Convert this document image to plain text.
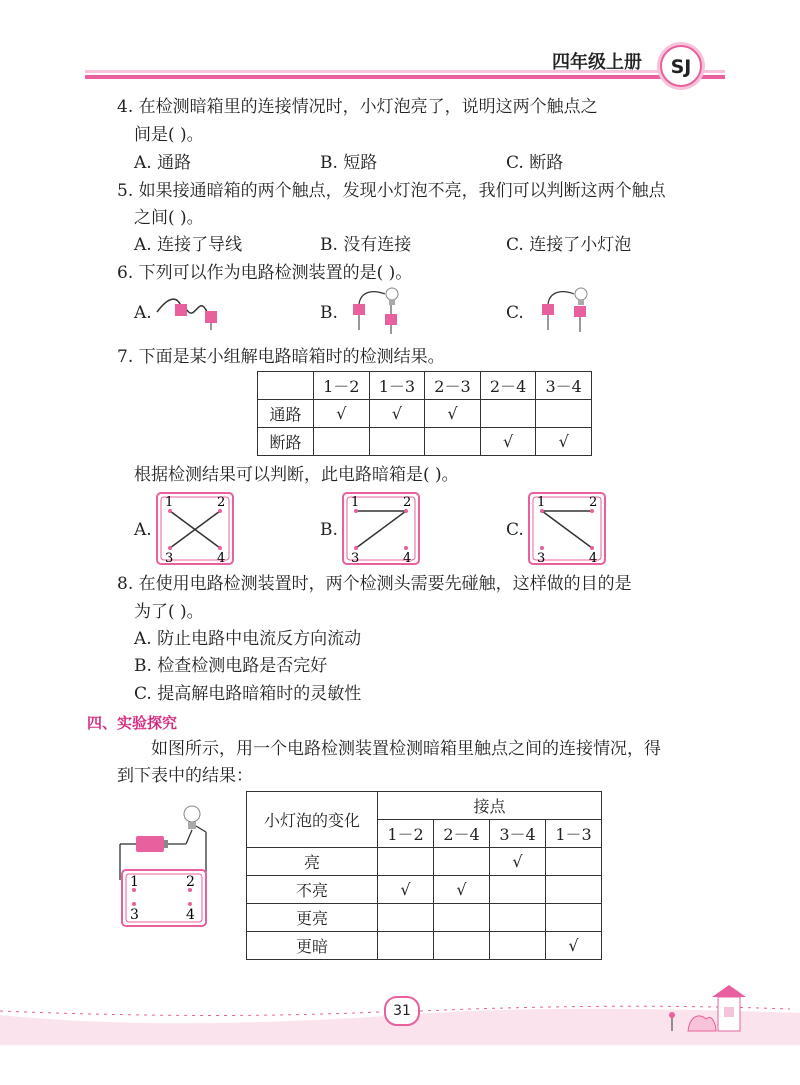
四年级上册 SJ
4. 在检测暗箱里的连接情况时，小灯泡亮了，说明这两个触点之
间是( )。
A. 通路	B. 短路	C. 断路
5. 如果接通暗箱的两个触点，发现小灯泡不亮，我们可以判断这两个触点
之间( )。
A. 连接了导线	B. 没有连接	C. 连接了小灯泡
6. 下列可以作为电路检测装置的是( )。
A.	B.	C.
7. 下面是某小组解电路暗箱时的检测结果。
	1－2	1－3	2－3	2－4	3－4
通路	√	√	√		
断路				√	√
根据检测结果可以判断，此电路暗箱是( )。
A.	B.	C.
1	2
3	4
1	2
3	4
1	2
3	4
8. 在使用电路检测装置时，两个检测头需要先碰触，这样做的目的是
为了( )。
A. 防止电路中电流反方向流动
B. 检查检测电路是否完好
C. 提高解电路暗箱时的灵敏性
四、实验探究
如图所示，用一个电路检测装置检测暗箱里触点之间的连接情况，得
到下表中的结果：
1	2
3	4
小灯泡的变化	接点			
	1－2	2－4	3－4	1－3
亮			√	
不亮	√	√		
更亮				
更暗				√
31
